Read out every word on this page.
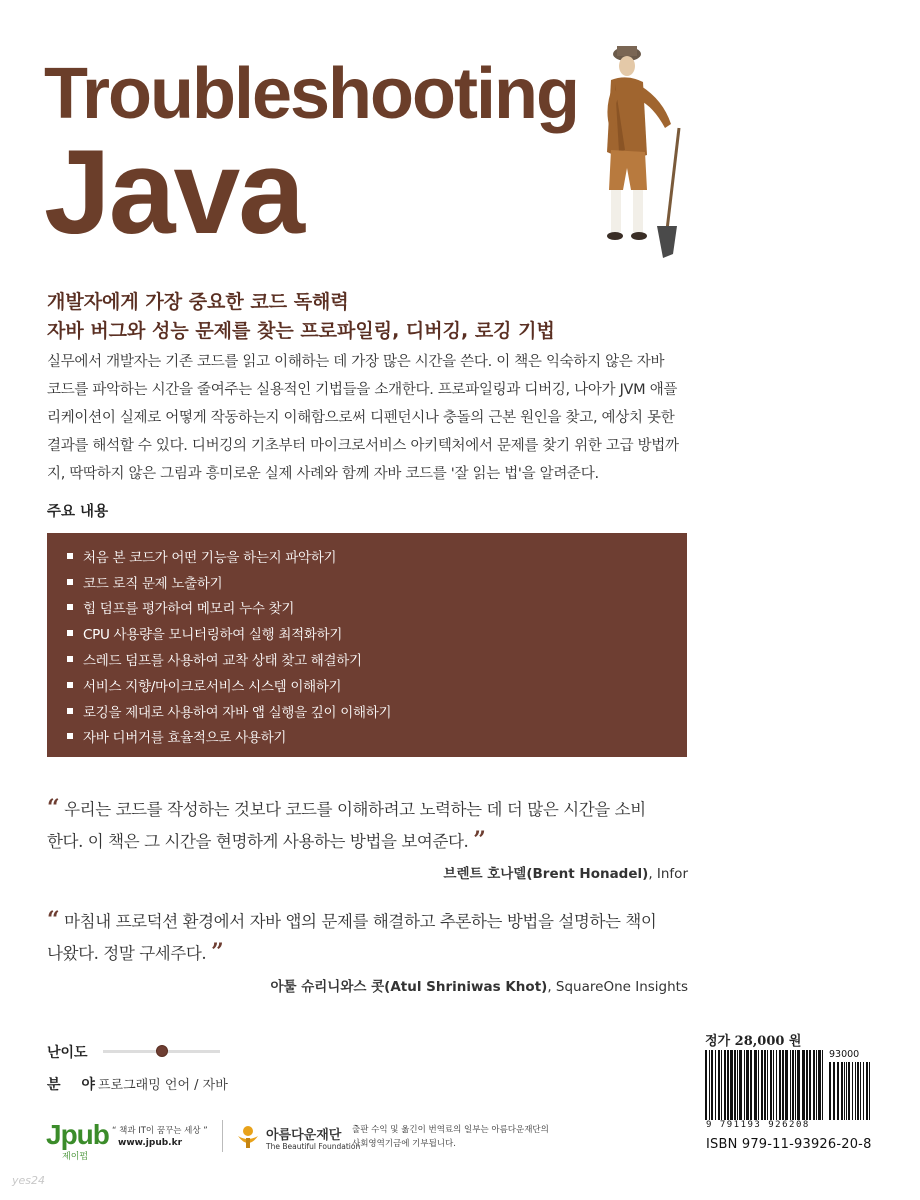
Troubleshooting
Java
개발자에게 가장 중요한 코드 독해력
자바 버그와 성능 문제를 찾는 프로파일링, 디버깅, 로깅 기법

실무에서 개발자는 기존 코드를 읽고 이해하는 데 가장 많은 시간을 쓴다. 이 책은 익숙하지 않은 자바

코드를 파악하는 시간을 줄여주는 실용적인 기법들을 소개한다. 프로파일링과 디버깅, 나아가 JVM 애플

리케이션이 실제로 어떻게 작동하는지 이해함으로써 디펜던시나 충돌의 근본 원인을 찾고, 예상치 못한

결과를 해석할 수 있다. 디버깅의 기초부터 마이크로서비스 아키텍처에서 문제를 찾기 위한 고급 방법까

지, 딱딱하지 않은 그림과 흥미로운 실제 사례와 함께 자바 코드를 '잘 읽는 법'을 알려준다.

주요 내용
처음 본 코드가 어떤 기능을 하는지 파악하기
코드 로직 문제 노출하기
힙 덤프를 평가하여 메모리 누수 찾기
CPU 사용량을 모니터링하여 실행 최적화하기
스레드 덤프를 사용하여 교착 상태 찾고 해결하기
서비스 지향/마이크로서비스 시스템 이해하기
로깅을 제대로 사용하여 자바 앱 실행을 깊이 이해하기
자바 디버거를 효율적으로 사용하기

“ 우리는 코드를 작성하는 것보다 코드를 이해하려고 노력하는 데 더 많은 시간을 소비

한다. 이 책은 그 시간을 현명하게 사용하는 방법을 보여준다. ”

브렌트 호나델(Brent Honadel), Infor

“ 마침내 프로덕션 환경에서 자바 앱의 문제를 해결하고 추론하는 방법을 설명하는 책이

나왔다. 정말 구세주다. ”

아툴 슈리니와스 콧(Atul Shriniwas Khot), SquareOne Insights
난이도
분 야
프로그래밍 언어 / 자바
Jpub
제이펍
“ 책과 IT이 꿈꾸는 세상 ”
www.jpub.kr	아름다운재단
The Beautiful Foundation
출판 수익 및 옮긴이 번역료의 일부는 아름다운재단의 사회영역기금에 기부됩니다.
정가 28,000 원
93000
9 791193 926208
ISBN 979-11-93926-20-8
yes24
